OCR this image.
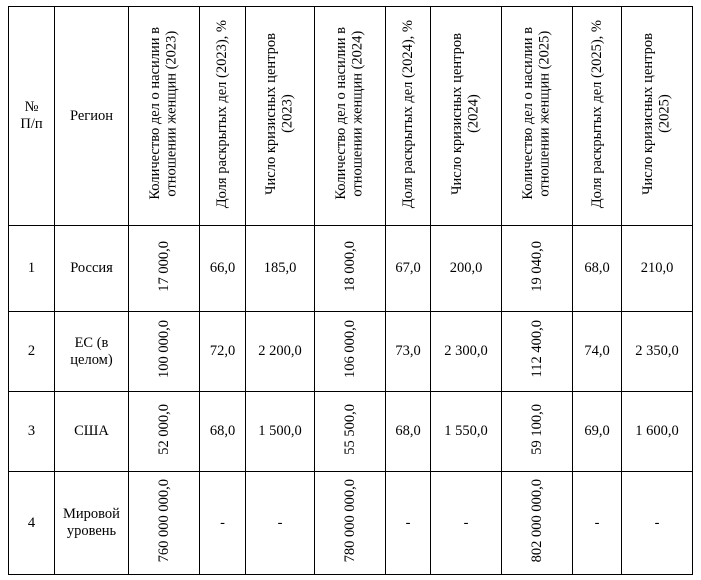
№ П/п	Регион	Количество дел о насилии в
отношении женщин (2023)	Доля раскрытых дел (2023), %	Число кризисных центров
(2023)	Количество дел о насилии в
отношении женщин (2024)	Доля раскрытых дел (2024), %	Число кризисных центров
(2024)	Количество дел о насилии в
отношении женщин (2025)	Доля раскрытых дел (2025), %	Число кризисных центров
(2025)
1	Россия	17 000,0	66,0	185,0	18 000,0	67,0	200,0	19 040,0	68,0	210,0
2	ЕС (в целом)	100 000,0	72,0	2 200,0	106 000,0	73,0	2 300,0	112 400,0	74,0	2 350,0
3	США	52 000,0	68,0	1 500,0	55 500,0	68,0	1 550,0	59 100,0	69,0	1 600,0
4	Мировой уровень	760 000 000,0	-	-	780 000 000,0	-	-	802 000 000,0	-	-
